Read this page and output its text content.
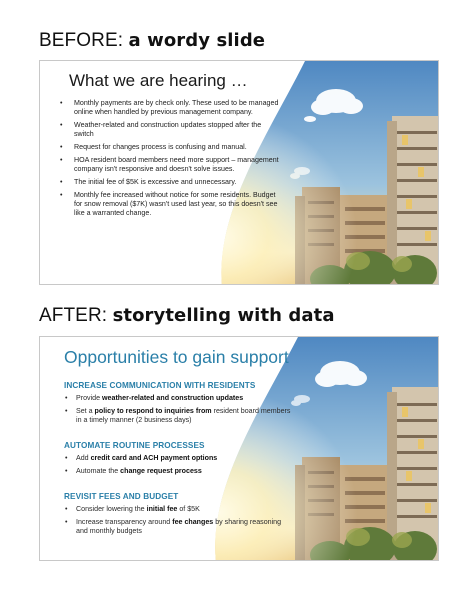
BEFORE: a wordy slide
What we are hearing …
• Monthly payments are by check only. These used to be managed online when handled by previous management company.
• Weather-related and construction updates stopped after the switch
• Request for changes process is confusing and manual.
• HOA resident board members need more support – management company isn't responsive and doesn't solve issues.
• The initial fee of $5K is excessive and unnecessary.
• Monthly fee increased without notice for some residents. Budget for snow removal ($7K) wasn't used last year, so this doesn't see like a warranted change.
AFTER: storytelling with data
Opportunities to gain support
INCREASE COMMUNICATION WITH RESIDENTS
• Provide weather-related and construction updates
• Set a policy to respond to inquiries from resident board members in a timely manner (2 business days)
AUTOMATE ROUTINE PROCESSES
• Add credit card and ACH payment options
• Automate the change request process
REVISIT FEES AND BUDGET
• Consider lowering the initial fee of $5K
• Increase transparency around fee changes by sharing reasoning and monthly budgets
